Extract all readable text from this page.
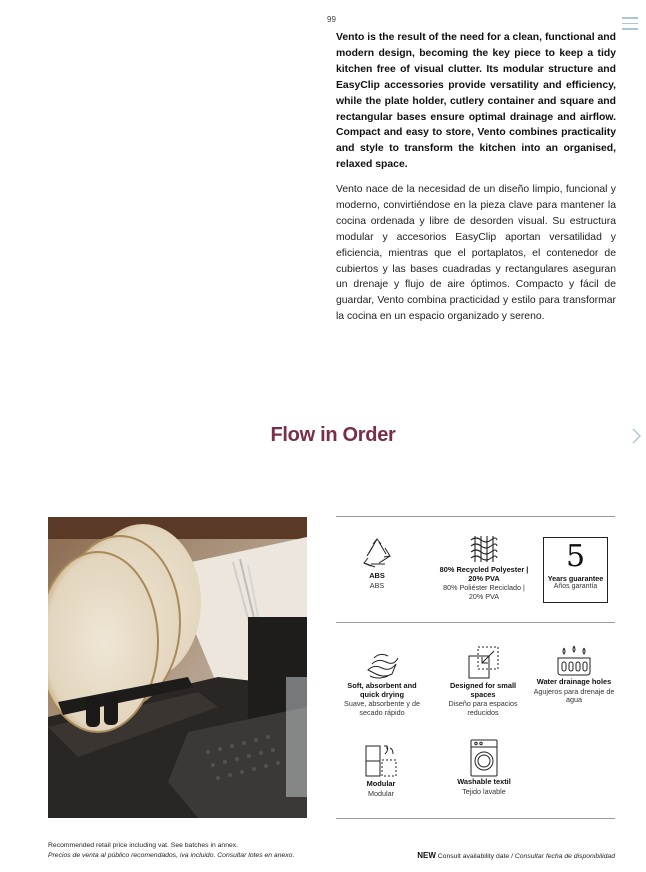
99

Vento is the result of the need for a clean, functional and modern design, becoming the key piece to keep a tidy kitchen free of visual clutter. Its modular structure and EasyClip accessories provide versatility and efficiency, while the plate holder, cutlery container and square and rectangular bases ensure optimal drainage and airflow. Compact and easy to store, Vento combines practicality and style to transform the kitchen into an organised, relaxed space.

Vento nace de la necesidad de un diseño limpio, funcional y moderno, convirtiéndose en la pieza clave para mantener la cocina ordenada y libre de desorden visual. Su estructura modular y accesorios EasyClip aportan versatilidad y eficiencia, mientras que el portaplatos, el contenedor de cubiertos y las bases cuadradas y rectangulares aseguran un drenaje y flujo de aire óptimos. Compacto y fácil de guardar, Vento combina practicidad y estilo para transformar la cocina en un espacio organizado y sereno.

Flow in Order
ABS
ABS
80% Recycled Polyester | 20% PVA
80% Poliéster Reciclado | 20% PVA
5
Years guarantee
Años garantía
Soft, absorbent and quick drying
Suave, absorbente y de secado rápido
Designed for small spaces
Diseño para espacios reducidos
Water drainage holes
Agujeros para drenaje de agua
Modular
Modular
Washable textil
Tejido lavable
Recommended retail price including vat. See batches in annex.
Precios de venta al público recomendados, iva incluido. Consultar lotes en anexo.	NEW Consult availability date / Consultar fecha de disponibilidad
